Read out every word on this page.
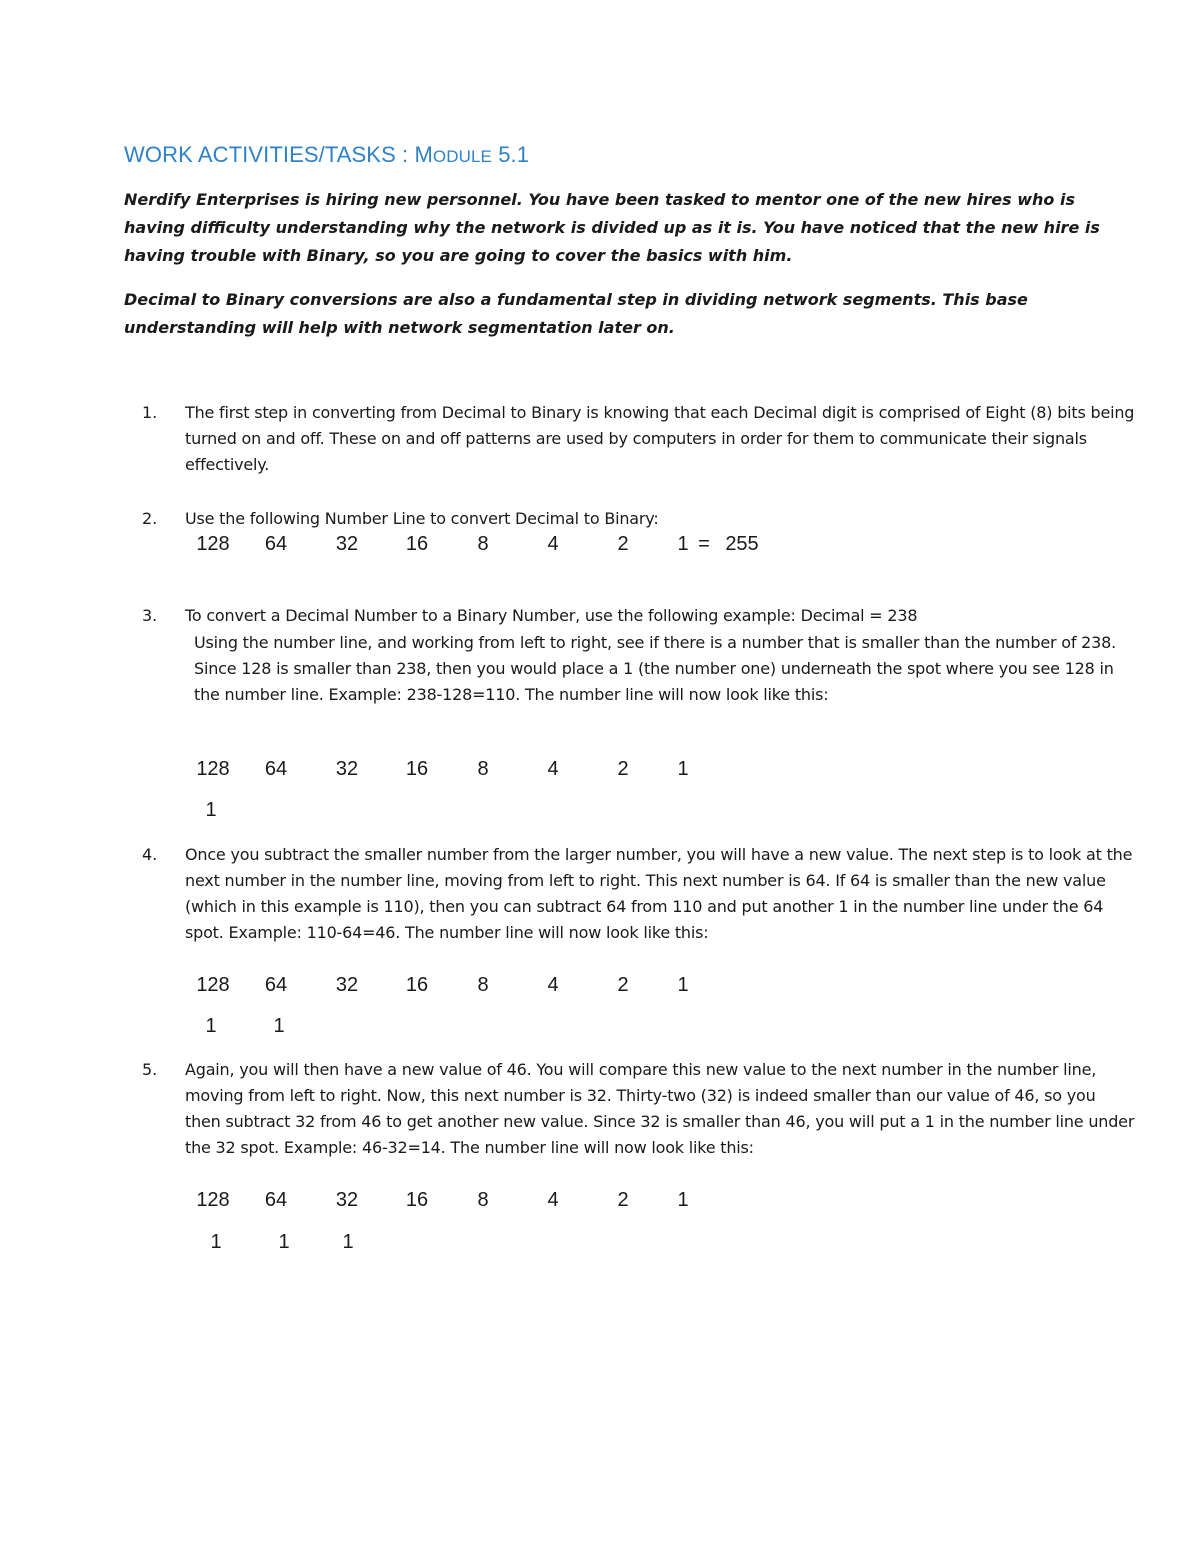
WORK ACTIVITIES/TASKS : MODULE 5.1

Nerdify Enterprises is hiring new personnel. You have been tasked to mentor one of the new hires who is having difficulty understanding why the network is divided up as it is. You have noticed that the new hire is having trouble with Binary, so you are going to cover the basics with him.

Decimal to Binary conversions are also a fundamental step in dividing network segments. This base understanding will help with network segmentation later on.

1.	The first step in converting from Decimal to Binary is knowing that each Decimal digit is comprised of Eight (8) bits being turned on and off. These on and off patterns are used by computers in order for them to communicate their signals effectively.

2.	Use the following Number Line to convert Decimal to Binary:

128	64	32	16	8	4	2	1 = 255
3.	To convert a Decimal Number to a Binary Number, use the following example: Decimal = 238

Using the number line, and working from left to right, see if there is a number that is smaller than the number of 238. Since 128 is smaller than 238, then you would place a 1 (the number one) underneath the spot where you see 128 in the number line. Example: 238-128=110. The number line will now look like this:

128	64	32	16	8	4	2	1
1
4.	Once you subtract the smaller number from the larger number, you will have a new value. The next step is to look at the next number in the number line, moving from left to right. This next number is 64. If 64 is smaller than the new value (which in this example is 110), then you can subtract 64 from 110 and put another 1 in the number line under the 64 spot. Example: 110-64=46. The number line will now look like this:

128	64	32	16	8	4	2	1
1	1
5.	Again, you will then have a new value of 46. You will compare this new value to the next number in the number line, moving from left to right. Now, this next number is 32. Thirty-two (32) is indeed smaller than our value of 46, so you then subtract 32 from 46 to get another new value. Since 32 is smaller than 46, you will put a 1 in the number line under the 32 spot. Example: 46-32=14. The number line will now look like this:

128	64	32	16	8	4	2	1
1	1	1
